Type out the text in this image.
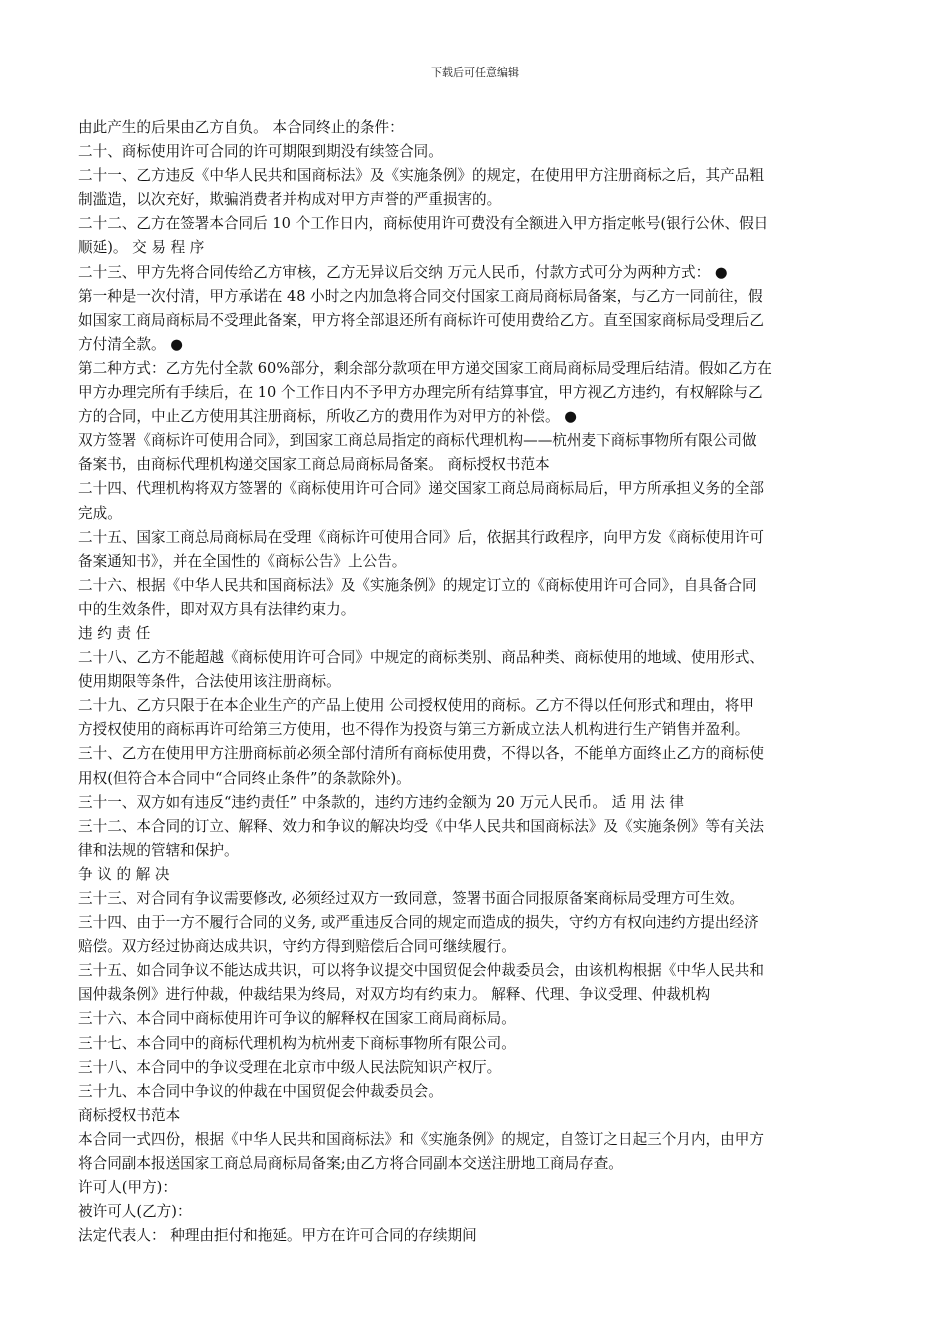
下载后可任意编辑

由此产生的后果由乙方自负。 本合同终止的条件：

二十、商标使用许可合同的许可期限到期没有续签合同。

二十一、乙方违反《中华人民共和国商标法》及《实施条例》的规定，在使用甲方注册商标之后，其产品粗

制滥造，以次充好，欺骗消费者并构成对甲方声誉的严重损害的。

二十二、乙方在签署本合同后 10 个工作日内，商标使用许可费没有全额进入甲方指定帐号(银行公休、假日

顺延)。 交 易 程 序

二十三、甲方先将合同传给乙方审核，乙方无异议后交纳 万元人民币，付款方式可分为两种方式： ●

第一种是一次付清，甲方承诺在 48 小时之内加急将合同交付国家工商局商标局备案，与乙方一同前往，假

如国家工商局商标局不受理此备案，甲方将全部退还所有商标许可使用费给乙方。直至国家商标局受理后乙

方付清全款。 ●

第二种方式：乙方先付全款 60%部分，剩余部分款项在甲方递交国家工商局商标局受理后结清。假如乙方在

甲方办理完所有手续后，在 10 个工作日内不予甲方办理完所有结算事宜，甲方视乙方违约，有权解除与乙

方的合同，中止乙方使用其注册商标，所收乙方的费用作为对甲方的补偿。 ●

双方签署《商标许可使用合同》，到国家工商总局指定的商标代理机构——杭州麦下商标事物所有限公司做

备案书，由商标代理机构递交国家工商总局商标局备案。 商标授权书范本

二十四、代理机构将双方签署的《商标使用许可合同》递交国家工商总局商标局后，甲方所承担义务的全部

完成。

二十五、国家工商总局商标局在受理《商标许可使用合同》后，依据其行政程序，向甲方发《商标使用许可

备案通知书》，并在全国性的《商标公告》上公告。

二十六、根据《中华人民共和国商标法》及《实施条例》的规定订立的《商标使用许可合同》，自具备合同

中的生效条件，即对双方具有法律约束力。

违 约 责 任

二十八、乙方不能超越《商标使用许可合同》中规定的商标类别、商品种类、商标使用的地域、使用形式、

使用期限等条件，合法使用该注册商标。

二十九、乙方只限于在本企业生产的产品上使用 公司授权使用的商标。乙方不得以任何形式和理由，将甲

方授权使用的商标再许可给第三方使用，也不得作为投资与第三方新成立法人机构进行生产销售并盈利。

三十、乙方在使用甲方注册商标前必须全部付清所有商标使用费，不得以各，不能单方面终止乙方的商标使

用权(但符合本合同中“合同终止条件”的条款除外)。

三十一、双方如有违反“违约责任” 中条款的，违约方违约金额为 20 万元人民币。 适 用 法 律

三十二、本合同的订立、解释、效力和争议的解决均受《中华人民共和国商标法》及《实施条例》等有关法

律和法规的管辖和保护。

争 议 的 解 决

三十三、对合同有争议需要修改, 必须经过双方一致同意，签署书面合同报原备案商标局受理方可生效。

三十四、由于一方不履行合同的义务, 或严重违反合同的规定而造成的损失，守约方有权向违约方提出经济

赔偿。双方经过协商达成共识，守约方得到赔偿后合同可继续履行。

三十五、如合同争议不能达成共识，可以将争议提交中国贸促会仲裁委员会，由该机构根据《中华人民共和

国仲裁条例》进行仲裁，仲裁结果为终局，对双方均有约束力。 解释、代理、争议受理、仲裁机构

三十六、本合同中商标使用许可争议的解释权在国家工商局商标局。

三十七、本合同中的商标代理机构为杭州麦下商标事物所有限公司。

三十八、本合同中的争议受理在北京市中级人民法院知识产权厅。

三十九、本合同中争议的仲裁在中国贸促会仲裁委员会。

商标授权书范本

本合同一式四份，根据《中华人民共和国商标法》和《实施条例》的规定，自签订之日起三个月内，由甲方

将合同副本报送国家工商总局商标局备案;由乙方将合同副本交送注册地工商局存查。

许可人(甲方)：

被许可人(乙方)：

法定代表人： 种理由拒付和拖延。甲方在许可合同的存续期间
